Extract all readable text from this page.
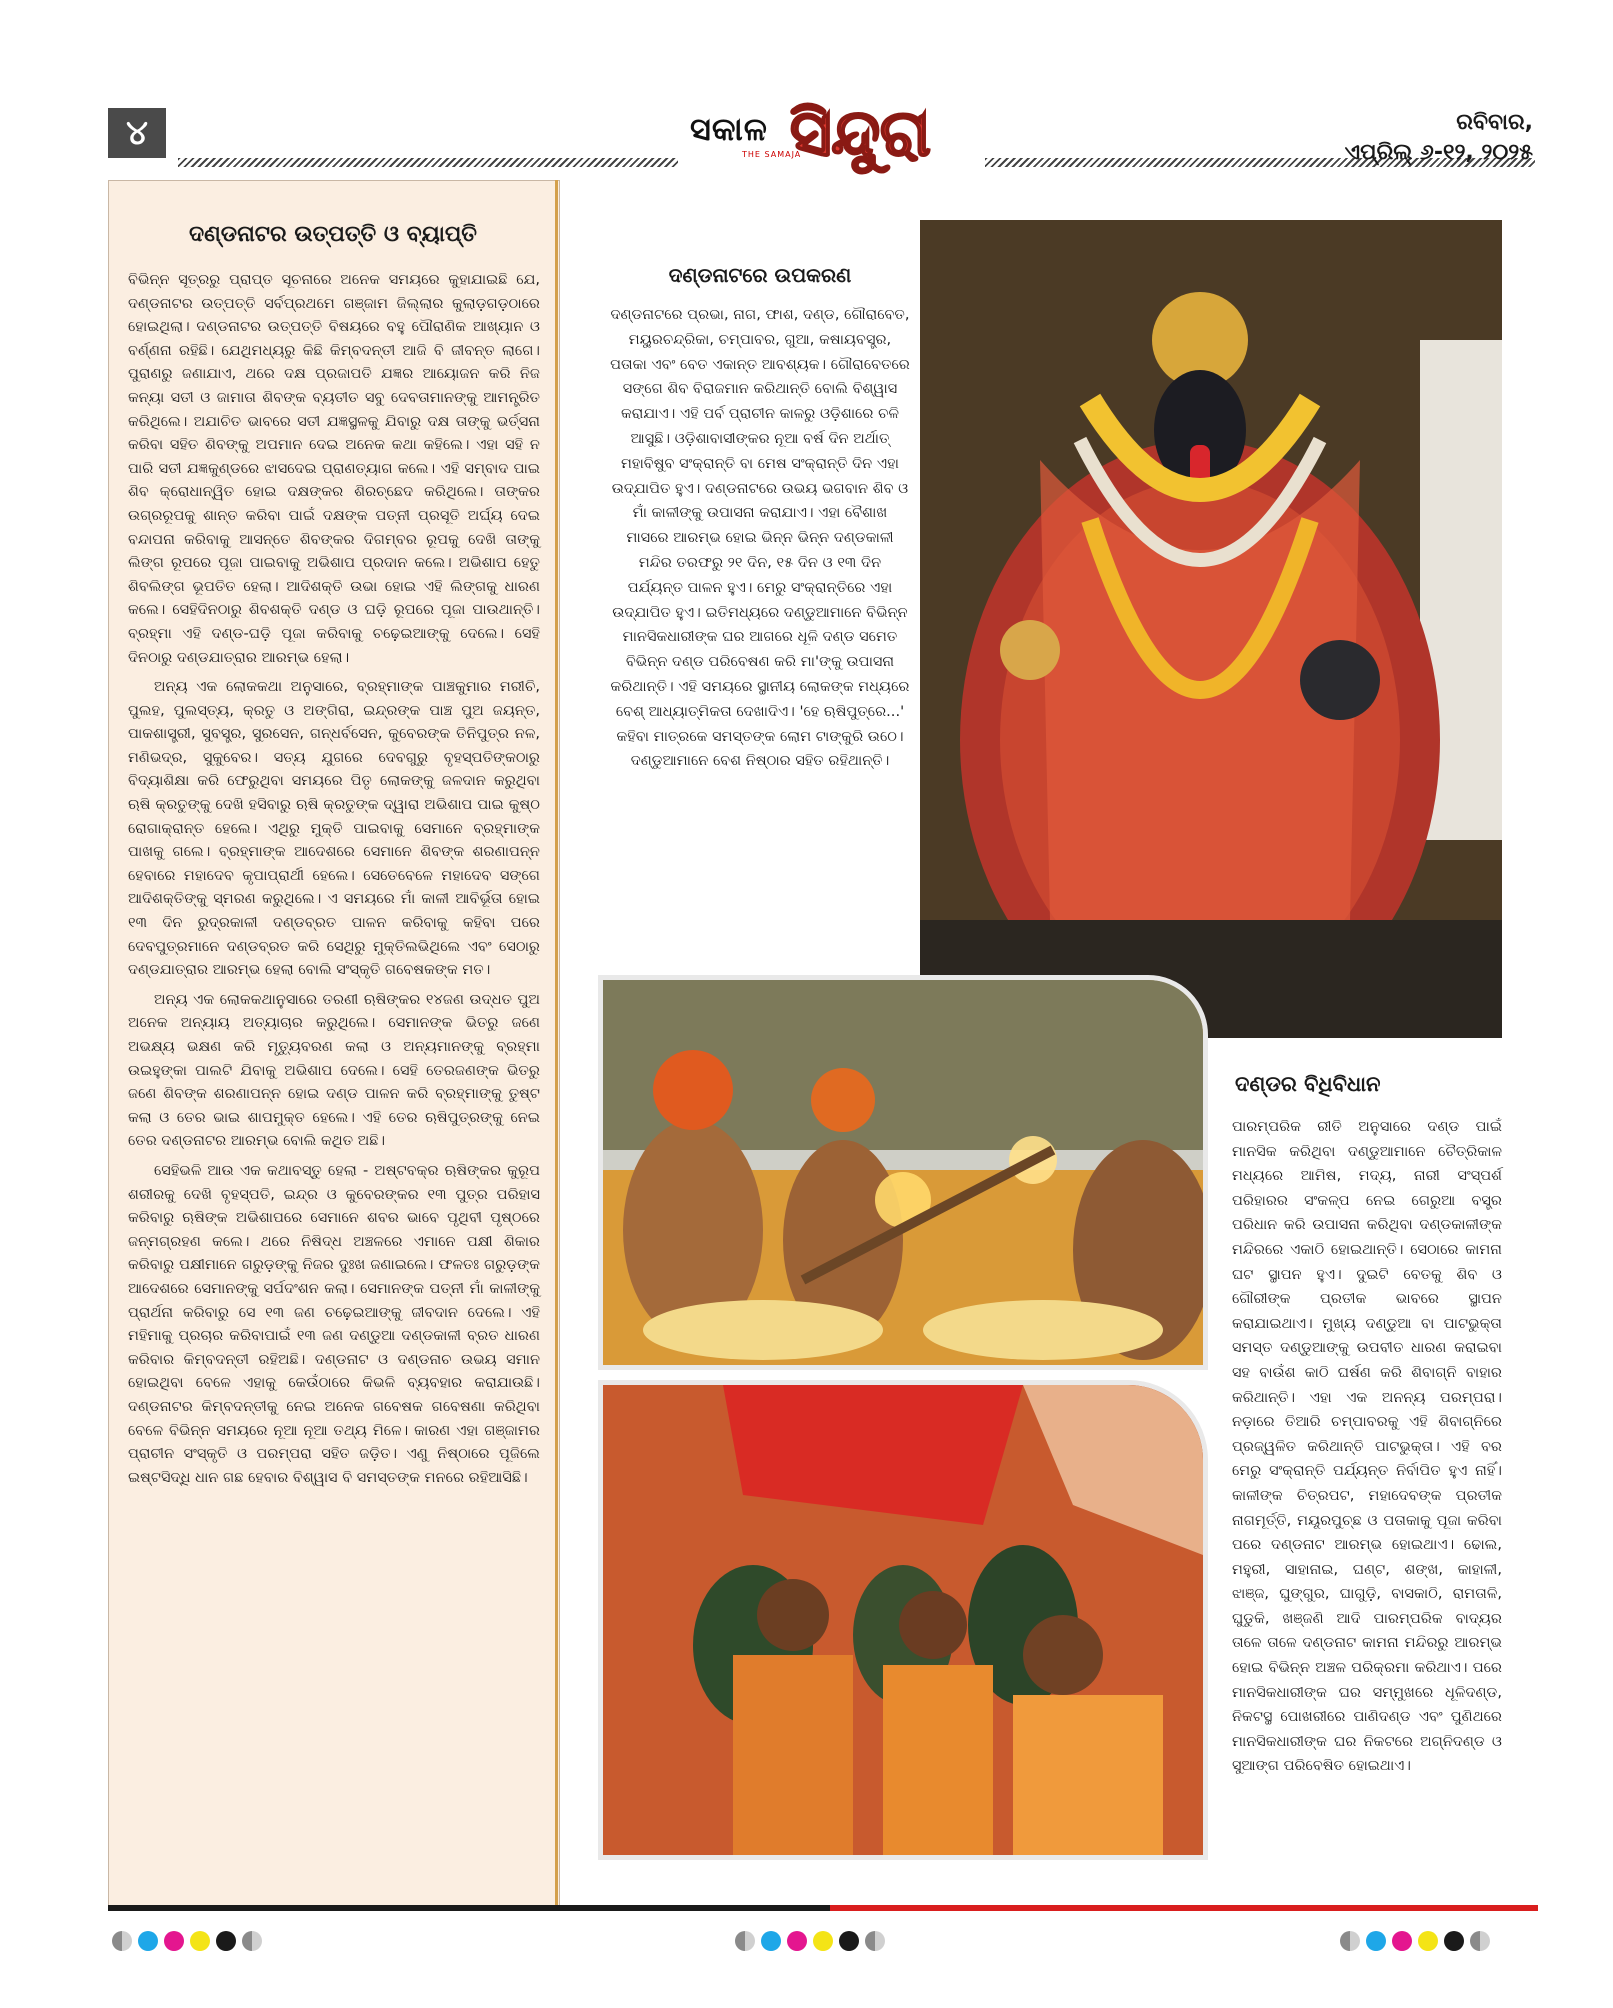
୪	ସକାଳ
THE SAMAJA
ସିନ୍ଦୁରା	ରବିବାର,
ଏପ୍ରିଲ୍ ୬-୧୨, ୨୦୨୫
ଦଣ୍ଡନାଟର ଉତ୍ପତ୍ତି ଓ ବ୍ୟାପ୍ତି

ବିଭିନ୍ନ ସୂତ୍ରରୁ ପ୍ରାପ୍ତ ସୂଚନାରେ ଅନେକ ସମୟରେ କୁହାଯାଇଛି ଯେ, ଦଣ୍ଡନାଟର ଉତ୍ପତ୍ତି ସର୍ବପ୍ରଥମେ ଗଞ୍ଜାମ ଜିଲ୍ଲାର କୁଲାଡ଼ଗଡ଼ଠାରେ ହୋଇଥିଲା। ଦଣ୍ଡନାଟର ଉତ୍ପତ୍ତି ବିଷୟରେ ବହୁ ପୌରାଣିକ ଆଖ୍ୟାନ ଓ ବର୍ଣ୍ଣନା ରହିଛି। ଯେଥିମଧ୍ୟରୁ କିଛି କିମ୍ବଦନ୍ତୀ ଆଜି ବି ଜୀବନ୍ତ ଲାଗେ। ପୁରାଣରୁ ଜଣାଯାଏ, ଥରେ ଦକ୍ଷ ପ୍ରଜାପତି ଯଜ୍ଞର ଆୟୋଜନ କରି ନିଜ କନ୍ୟା ସତୀ ଓ ଜାମାତା ଶିବଙ୍କ ବ୍ୟତୀତ ସବୁ ଦେବତାମାନଙ୍କୁ ଆମନ୍ତ୍ରିତ କରିଥିଲେ। ଅଯାଚିତ ଭାବରେ ସତୀ ଯଜ୍ଞସ୍ଥଳକୁ ଯିବାରୁ ଦକ୍ଷ ତାଙ୍କୁ ଭର୍ତ୍ସନା କରିବା ସହିତ ଶିବଙ୍କୁ ଅପମାନ ଦେଇ ଅନେକ କଥା କହିଲେ। ଏହା ସହି ନ ପାରି ସତୀ ଯଜ୍ଞକୁଣ୍ଡରେ ଝାସଦେଇ ପ୍ରାଣତ୍ୟାଗ କଲେ। ଏହି ସମ୍ବାଦ ପାଇ ଶିବ କ୍ରୋଧାନ୍ୱିତ ହୋଇ ଦକ୍ଷଙ୍କର ଶିରଚ୍ଛେଦ କରିଥିଲେ। ତାଙ୍କର ଉଗ୍ରରୂପକୁ ଶାନ୍ତ କରିବା ପାଇଁ ଦକ୍ଷଙ୍କ ପତ୍ନୀ ପ୍ରସୂତି ଅର୍ଘ୍ୟ ଦେଇ ବନ୍ଦାପନା କରିବାକୁ ଆସନ୍ତେ ଶିବଙ୍କର ଦିଗମ୍ବର ରୂପକୁ ଦେଖି ତାଙ୍କୁ ଲିଙ୍ଗ ରୂପରେ ପୂଜା ପାଇବାକୁ ଅଭିଶାପ ପ୍ରଦାନ କଲେ। ଅଭିଶାପ ହେତୁ ଶିବଲିଙ୍ଗ ଭୂପତିତ ହେଲା। ଆଦିଶକ୍ତି ଉଭା ହୋଇ ଏହି ଲିଙ୍ଗକୁ ଧାରଣ କଲେ। ସେହିଦିନଠାରୁ ଶିବଶକ୍ତି ଦଣ୍ଡ ଓ ଘଡ଼ି ରୂପରେ ପୂଜା ପାଉଥାନ୍ତି। ବ୍ରହ୍ମା ଏହି ଦଣ୍ଡ-ଘଡ଼ି ପୂଜା କରିବାକୁ ଚଢ଼େଇଆଙ୍କୁ ଦେଲେ। ସେହି ଦିନଠାରୁ ଦଣ୍ଡଯାତ୍ରାର ଆରମ୍ଭ ହେଲା।

ଅନ୍ୟ ଏକ ଲୋକକଥା ଅନୁସାରେ, ବ୍ରହ୍ମାଙ୍କ ପାଞ୍ଚକୁମାର ମରୀଚି, ପୁଲହ, ପୁଲସ୍ତ୍ୟ, କ୍ରତୁ ଓ ଅଙ୍ଗିରା, ଇନ୍ଦ୍ରଙ୍କ ପାଞ୍ଚ ପୁଅ ଜୟନ୍ତ, ପାକଶାସ୍ତ୍ରୀ, ସୁବସ୍ତ୍ର, ସୁରସେନ, ଗନ୍ଧର୍ବସେନ, କୁବେରଙ୍କ ତିନିପୁତ୍ର ନଳ, ମଣିଭଦ୍ର, ସୁକୁବେର। ସତ୍ୟ ଯୁଗରେ ଦେବଗୁରୁ ବୃହସ୍ପତିଙ୍କଠାରୁ ବିଦ୍ୟାଶିକ୍ଷା କରି ଫେରୁଥିବା ସମୟରେ ପିତୃ ଲୋକଙ୍କୁ ଜଳଦାନ କରୁଥିବା ଋଷି କ୍ରତୁଙ୍କୁ ଦେଖି ହସିବାରୁ ଋଷି କ୍ରତୁଙ୍କ ଦ୍ୱାରା ଅଭିଶାପ ପାଇ କୁଷ୍ଠ ରୋଗାକ୍ରାନ୍ତ ହେଲେ। ଏଥିରୁ ମୁକ୍ତି ପାଇବାକୁ ସେମାନେ ବ୍ରହ୍ମାଙ୍କ ପାଖକୁ ଗଲେ। ବ୍ରହ୍ମାଙ୍କ ଆଦେଶରେ ସେମାନେ ଶିବଙ୍କ ଶରଣାପନ୍ନ ହେବାରେ ମହାଦେବ କୃପାପ୍ରାର୍ଥୀ ହେଲେ। ସେତେବେଳେ ମହାଦେବ ସଙ୍ଗେ ଆଦିଶକ୍ତିଙ୍କୁ ସ୍ମରଣ କରୁଥିଲେ। ଏ ସମୟରେ ମାଁ କାଳୀ ଆବିର୍ଭୂତା ହୋଇ ୧୩ ଦିନ ରୁଦ୍ରକାଳୀ ଦଣ୍ଡବ୍ରତ ପାଳନ କରିବାକୁ କହିବା ପରେ ଦେବପୁତ୍ରମାନେ ଦଣ୍ଡବ୍ରତ କରି ସେଥିରୁ ମୁକ୍ତିଲଭିଥିଲେ ଏବଂ ସେଠାରୁ ଦଣ୍ଡଯାତ୍ରାର ଆରମ୍ଭ ହେଲା ବୋଲି ସଂସ୍କୃତି ଗବେଷକଙ୍କ ମତ।

ଅନ୍ୟ ଏକ ଲୋକକଥାନୁସାରେ ତରଣୀ ଋଷିଙ୍କର ୧୪ଜଣ ଉଦ୍ଧତ ପୁଅ ଅନେକ ଅନ୍ୟାୟ ଅତ୍ୟାଚାର କରୁଥିଲେ। ସେମାନଙ୍କ ଭିତରୁ ଜଣେ ଅଭକ୍ଷ୍ୟ ଭକ୍ଷଣ କରି ମୃତ୍ୟୁବରଣ କଲା ଓ ଅନ୍ୟମାନଙ୍କୁ ବ୍ରହ୍ମା ଉଇହୁଙ୍କା ପାଲଟି ଯିବାକୁ ଅଭିଶାପ ଦେଲେ। ସେହି ତେରଜଣଙ୍କ ଭିତରୁ ଜଣେ ଶିବଙ୍କ ଶରଣାପନ୍ନ ହୋଇ ଦଣ୍ଡ ପାଳନ କରି ବ୍ରହ୍ମାଙ୍କୁ ତୁଷ୍ଟ କଲା ଓ ତେର ଭାଇ ଶାପମୁକ୍ତ ହେଲେ। ଏହି ତେର ଋଷିପୁତ୍ରଙ୍କୁ ନେଇ ତେର ଦଣ୍ଡନାଟର ଆରମ୍ଭ ବୋଲି କଥିତ ଅଛି।

ସେହିଭଳି ଆଉ ଏକ କଥାବସ୍ତୁ ହେଲା - ଅଷ୍ଟବକ୍ର ଋଷିଙ୍କର କୁରୂପ ଶରୀରକୁ ଦେଖି ବୃହସ୍ପତି, ଇନ୍ଦ୍ର ଓ କୁବେରଙ୍କର ୧୩ ପୁତ୍ର ପରିହାସ କରିବାରୁ ଋଷିଙ୍କ ଅଭିଶାପରେ ସେମାନେ ଶବର ଭାବେ ପୃଥିବୀ ପୃଷ୍ଠରେ ଜନ୍ମଗ୍ରହଣ କଲେ। ଥରେ ନିଷିଦ୍ଧ ଅଞ୍ଚଳରେ ଏମାନେ ପକ୍ଷୀ ଶିକାର କରିବାରୁ ପକ୍ଷୀମାନେ ଗରୁଡ଼ଙ୍କୁ ନିଜର ଦୁଃଖ ଜଣାଇଲେ। ଫଳତଃ ଗରୁଡ଼ଙ୍କ ଆଦେଶରେ ସେମାନଙ୍କୁ ସର୍ପଦଂଶନ କଲା। ସେମାନଙ୍କ ପତ୍ନୀ ମାଁ କାଳୀଙ୍କୁ ପ୍ରାର୍ଥନା କରିବାରୁ ସେ ୧୩ ଜଣ ଚଢ଼େଇଆଙ୍କୁ ଜୀବଦାନ ଦେଲେ। ଏହି ମହିମାକୁ ପ୍ରଚାର କରିବାପାଇଁ ୧୩ ଜଣ ଦଣ୍ଡୁଆ ଦଣ୍ଡକାଳୀ ବ୍ରତ ଧାରଣ କରିବାର କିମ୍ବଦନ୍ତୀ ରହିଅଛି। ଦଣ୍ଡନାଟ ଓ ଦଣ୍ଡନାଚ ଉଭୟ ସମାନ ହୋଇଥିବା ବେଳେ ଏହାକୁ କେଉଁଠାରେ କିଭଳି ବ୍ୟବହାର କରାଯାଉଛି। ଦଣ୍ଡନାଟର କିମ୍ବଦନ୍ତୀକୁ ନେଇ ଅନେକ ଗବେଷକ ଗବେଷଣା କରିଥିବା ବେଳେ ବିଭିନ୍ନ ସମୟରେ ନୂଆ ନୂଆ ତଥ୍ୟ ମିଳେ। କାରଣ ଏହା ଗଞ୍ଜାମର ପ୍ରାଚୀନ ସଂସ୍କୃତି ଓ ପରମ୍ପରା ସହିତ ଜଡ଼ିତ। ଏଣୁ ନିଷ୍ଠାରେ ପୂଜିଲେ ଇଷ୍ଟସିଦ୍ଧି ଧାନ ଗଛ ହେବାର ବିଶ୍ୱାସ ବି ସମସ୍ତଙ୍କ ମନରେ ରହିଆସିଛି।

ଦଣ୍ଡନାଟରେ ଉପକରଣ
ଦଣ୍ଡନାଟରେ ପ୍ରଭା, ନାଗ, ଫାଶ, ଦଣ୍ଡ, ଗୌରାବେତ, ମୟୁରଚନ୍ଦ୍ରିକା, ଚମ୍ପାବର, ଗୁଆ, କଷାୟବସ୍ତ୍ର, ପତାକା ଏବଂ ବେତ ଏକାନ୍ତ ଆବଶ୍ୟକ। ଗୌରାବେତରେ ସଙ୍ଗେ ଶିବ ବିରାଜମାନ କରିଥାନ୍ତି ବୋଲି ବିଶ୍ୱାସ କରାଯାଏ। ଏହି ପର୍ବ ପ୍ରାଚୀନ କାଳରୁ ଓଡ଼ିଶାରେ ଚଳି ଆସୁଛି। ଓଡ଼ିଶାବାସୀଙ୍କର ନୂଆ ବର୍ଷ ଦିନ ଅର୍ଥାତ୍ ମହାବିଷୁବ ସଂକ୍ରାନ୍ତି ବା ମେଷ ସଂକ୍ରାନ୍ତି ଦିନ ଏହା ଉଦ୍‌ଯାପିତ ହୁଏ। ଦଣ୍ଡନାଟରେ ଉଭୟ ଭଗବାନ ଶିବ ଓ ମାଁ କାଳୀଙ୍କୁ ଉପାସନା କରାଯାଏ। ଏହା ବୈଶାଖ ମାସରେ ଆରମ୍ଭ ହୋଇ ଭିନ୍ନ ଭିନ୍ନ ଦଣ୍ଡକାଳୀ ମନ୍ଦିର ତରଫରୁ ୨୧ ଦିନ, ୧୫ ଦିନ ଓ ୧୩ ଦିନ ପର୍ଯ୍ୟନ୍ତ ପାଳନ ହୁଏ। ମେରୁ ସଂକ୍ରାନ୍ତିରେ ଏହା ଉଦ୍‌ଯାପିତ ହୁଏ। ଇତିମଧ୍ୟରେ ଦଣ୍ଡୁଆମାନେ ବିଭିନ୍ନ ମାନସିକଧାରୀଙ୍କ ଘର ଆଗରେ ଧୂଳି ଦଣ୍ଡ ସମେତ ବିଭିନ୍ନ ଦଣ୍ଡ ପରିବେଷଣ କରି ମା'ଙ୍କୁ ଉପାସନା କରିଥାନ୍ତି। ଏହି ସମୟରେ ସ୍ଥାନୀୟ ଲୋକଙ୍କ ମଧ୍ୟରେ ବେଶ୍ ଆଧ୍ୟାତ୍ମିକତା ଦେଖାଦିଏ। 'ହେ ଋଷିପୁତ୍ରେ...' କହିବା ମାତ୍ରକେ ସମସ୍ତଙ୍କ ଲୋମ ଟାଙ୍କୁରି ଉଠେ। ଦଣ୍ଡୁଆମାନେ ବେଶ ନିଷ୍ଠାର ସହିତ ରହିଥାନ୍ତି।
ଦଣ୍ଡର ବିଧିବିଧାନ
ପାରମ୍ପରିକ ରୀତି ଅନୁସାରେ ଦଣ୍ଡ ପାଇଁ ମାନସିକ କରିଥିବା ଦଣ୍ଡୁଆମାନେ ଚୈତ୍ରିକାଳ ମଧ୍ୟରେ ଆମିଷ, ମଦ୍ୟ, ନାରୀ ସଂସ୍ପର୍ଶ ପରିହାରର ସଂକଳ୍ପ ନେଇ ଗେରୁଆ ବସ୍ତ୍ର ପରିଧାନ କରି ଉପାସନା କରିଥିବା ଦଣ୍ଡକାଳୀଙ୍କ ମନ୍ଦିରରେ ଏକାଠି ହୋଇଥାନ୍ତି। ସେଠାରେ କାମନା ଘଟ ସ୍ଥାପନ ହୁଏ। ଦୁଇଟି ବେତକୁ ଶିବ ଓ ଗୌରୀଙ୍କ ପ୍ରତୀକ ଭାବରେ ସ୍ଥାପନ କରାଯାଇଥାଏ। ମୁଖ୍ୟ ଦଣ୍ଡୁଆ ବା ପାଟଭୁକ୍ତା ସମସ୍ତ ଦଣ୍ଡୁଆଙ୍କୁ ଉପବୀତ ଧାରଣ କରାଇବା ସହ ବାଉଁଶ କାଠି ଘର୍ଷଣ କରି ଶିବାଗ୍ନି ବାହାର କରିଥାନ୍ତି। ଏହା ଏକ ଅନନ୍ୟ ପରମ୍ପରା। ନଡ଼ାରେ ତିଆରି ଚମ୍ପାବରକୁ ଏହି ଶିବାଗ୍ନିରେ ପ୍ରଜ୍ୱଳିତ କରିଥାନ୍ତି ପାଟଭୁକ୍ତା। ଏହି ବର ମେରୁ ସଂକ୍ରାନ୍ତି ପର୍ଯ୍ୟନ୍ତ ନିର୍ବାପିତ ହୁଏ ନାହିଁ। କାଳୀଙ୍କ ଚିତ୍ରପଟ, ମହାଦେବଙ୍କ ପ୍ରତୀକ ନାଗମୂର୍ତ୍ତି, ମୟୂରପୁଚ୍ଛ ଓ ପତାକାକୁ ପୂଜା କରିବା ପରେ ଦଣ୍ଡନାଟ ଆରମ୍ଭ ହୋଇଥାଏ। ଢୋଲ, ମହୁରୀ, ସାହାନାଇ, ଘଣ୍ଟ, ଶଙ୍ଖ, କାହାଳୀ, ଝାଞ୍ଜ, ଘୁଙ୍ଗୁର, ଘାଗୁଡ଼ି, ବାସକାଠି, ରାମତାଳି, ଘୁଡୁକି, ଖଞ୍ଜଣି ଆଦି ପାରମ୍ପରିକ ବାଦ୍ୟର ତାଳେ ତାଳେ ଦଣ୍ଡନାଟ କାମନା ମନ୍ଦିରରୁ ଆରମ୍ଭ ହୋଇ ବିଭିନ୍ନ ଅଞ୍ଚଳ ପରିକ୍ରମା କରିଥାଏ। ପରେ ମାନସିକଧାରୀଙ୍କ ଘର ସମ୍ମୁଖରେ ଧୂଳିଦଣ୍ଡ, ନିକଟସ୍ଥ ପୋଖରୀରେ ପାଣିଦଣ୍ଡ ଏବଂ ପୁଣିଥରେ ମାନସିକଧାରୀଙ୍କ ଘର ନିକଟରେ ଅଗ୍ନିଦଣ୍ଡ ଓ ସୁଆଙ୍ଗ ପରିବେଷିତ ହୋଇଥାଏ।
